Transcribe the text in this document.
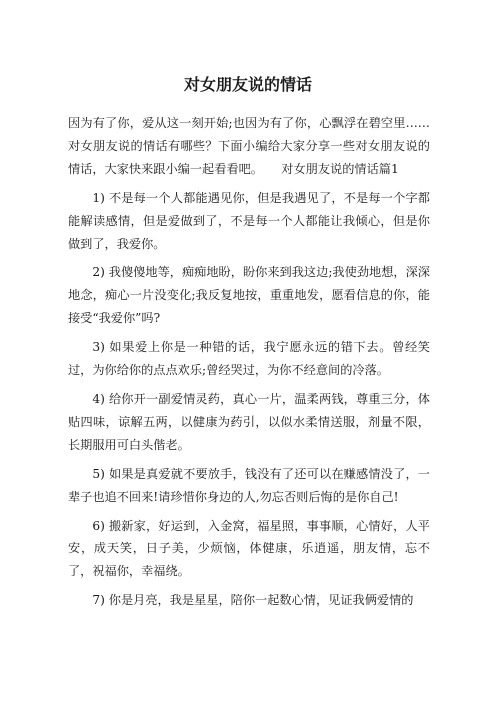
对女朋友说的情话

因为有了你，爱从这一刻开始;也因为有了你，心飘浮在碧空里……对女朋友说的情话有哪些？下面小编给大家分享一些对女朋友说的情话，大家快来跟小编一起看看吧。　　对女朋友说的情话篇1

1) 不是每一个人都能遇见你，但是我遇见了，不是每一个字都能解读感情，但是爱做到了，不是每一个人都能让我倾心，但是你做到了，我爱你。

2) 我傻傻地等，痴痴地盼，盼你来到我这边;我使劲地想，深深地念，痴心一片没变化;我反复地按，重重地发，愿看信息的你，能接受“我爱你”吗?

3) 如果爱上你是一种错的话，我宁愿永远的错下去。曾经笑过，为你给你的点点欢乐;曾经哭过，为你不经意间的冷落。

4) 给你开一副爱情灵药，真心一片，温柔两钱，尊重三分，体贴四味，谅解五两，以健康为药引，以似水柔情送服，剂量不限，长期服用可白头偕老。

5) 如果是真爱就不要放手，钱没有了还可以在赚感情没了，一辈子也追不回来!请珍惜你身边的人,勿忘否则后悔的是你自己!

6) 搬新家，好运到，入金窝，福星照，事事顺，心情好，人平安，成天笑，日子美，少烦恼，体健康，乐逍遥，朋友情，忘不了，祝福你，幸福绕。

7) 你是月亮，我是星星，陪你一起数心情，见证我俩爱情的
